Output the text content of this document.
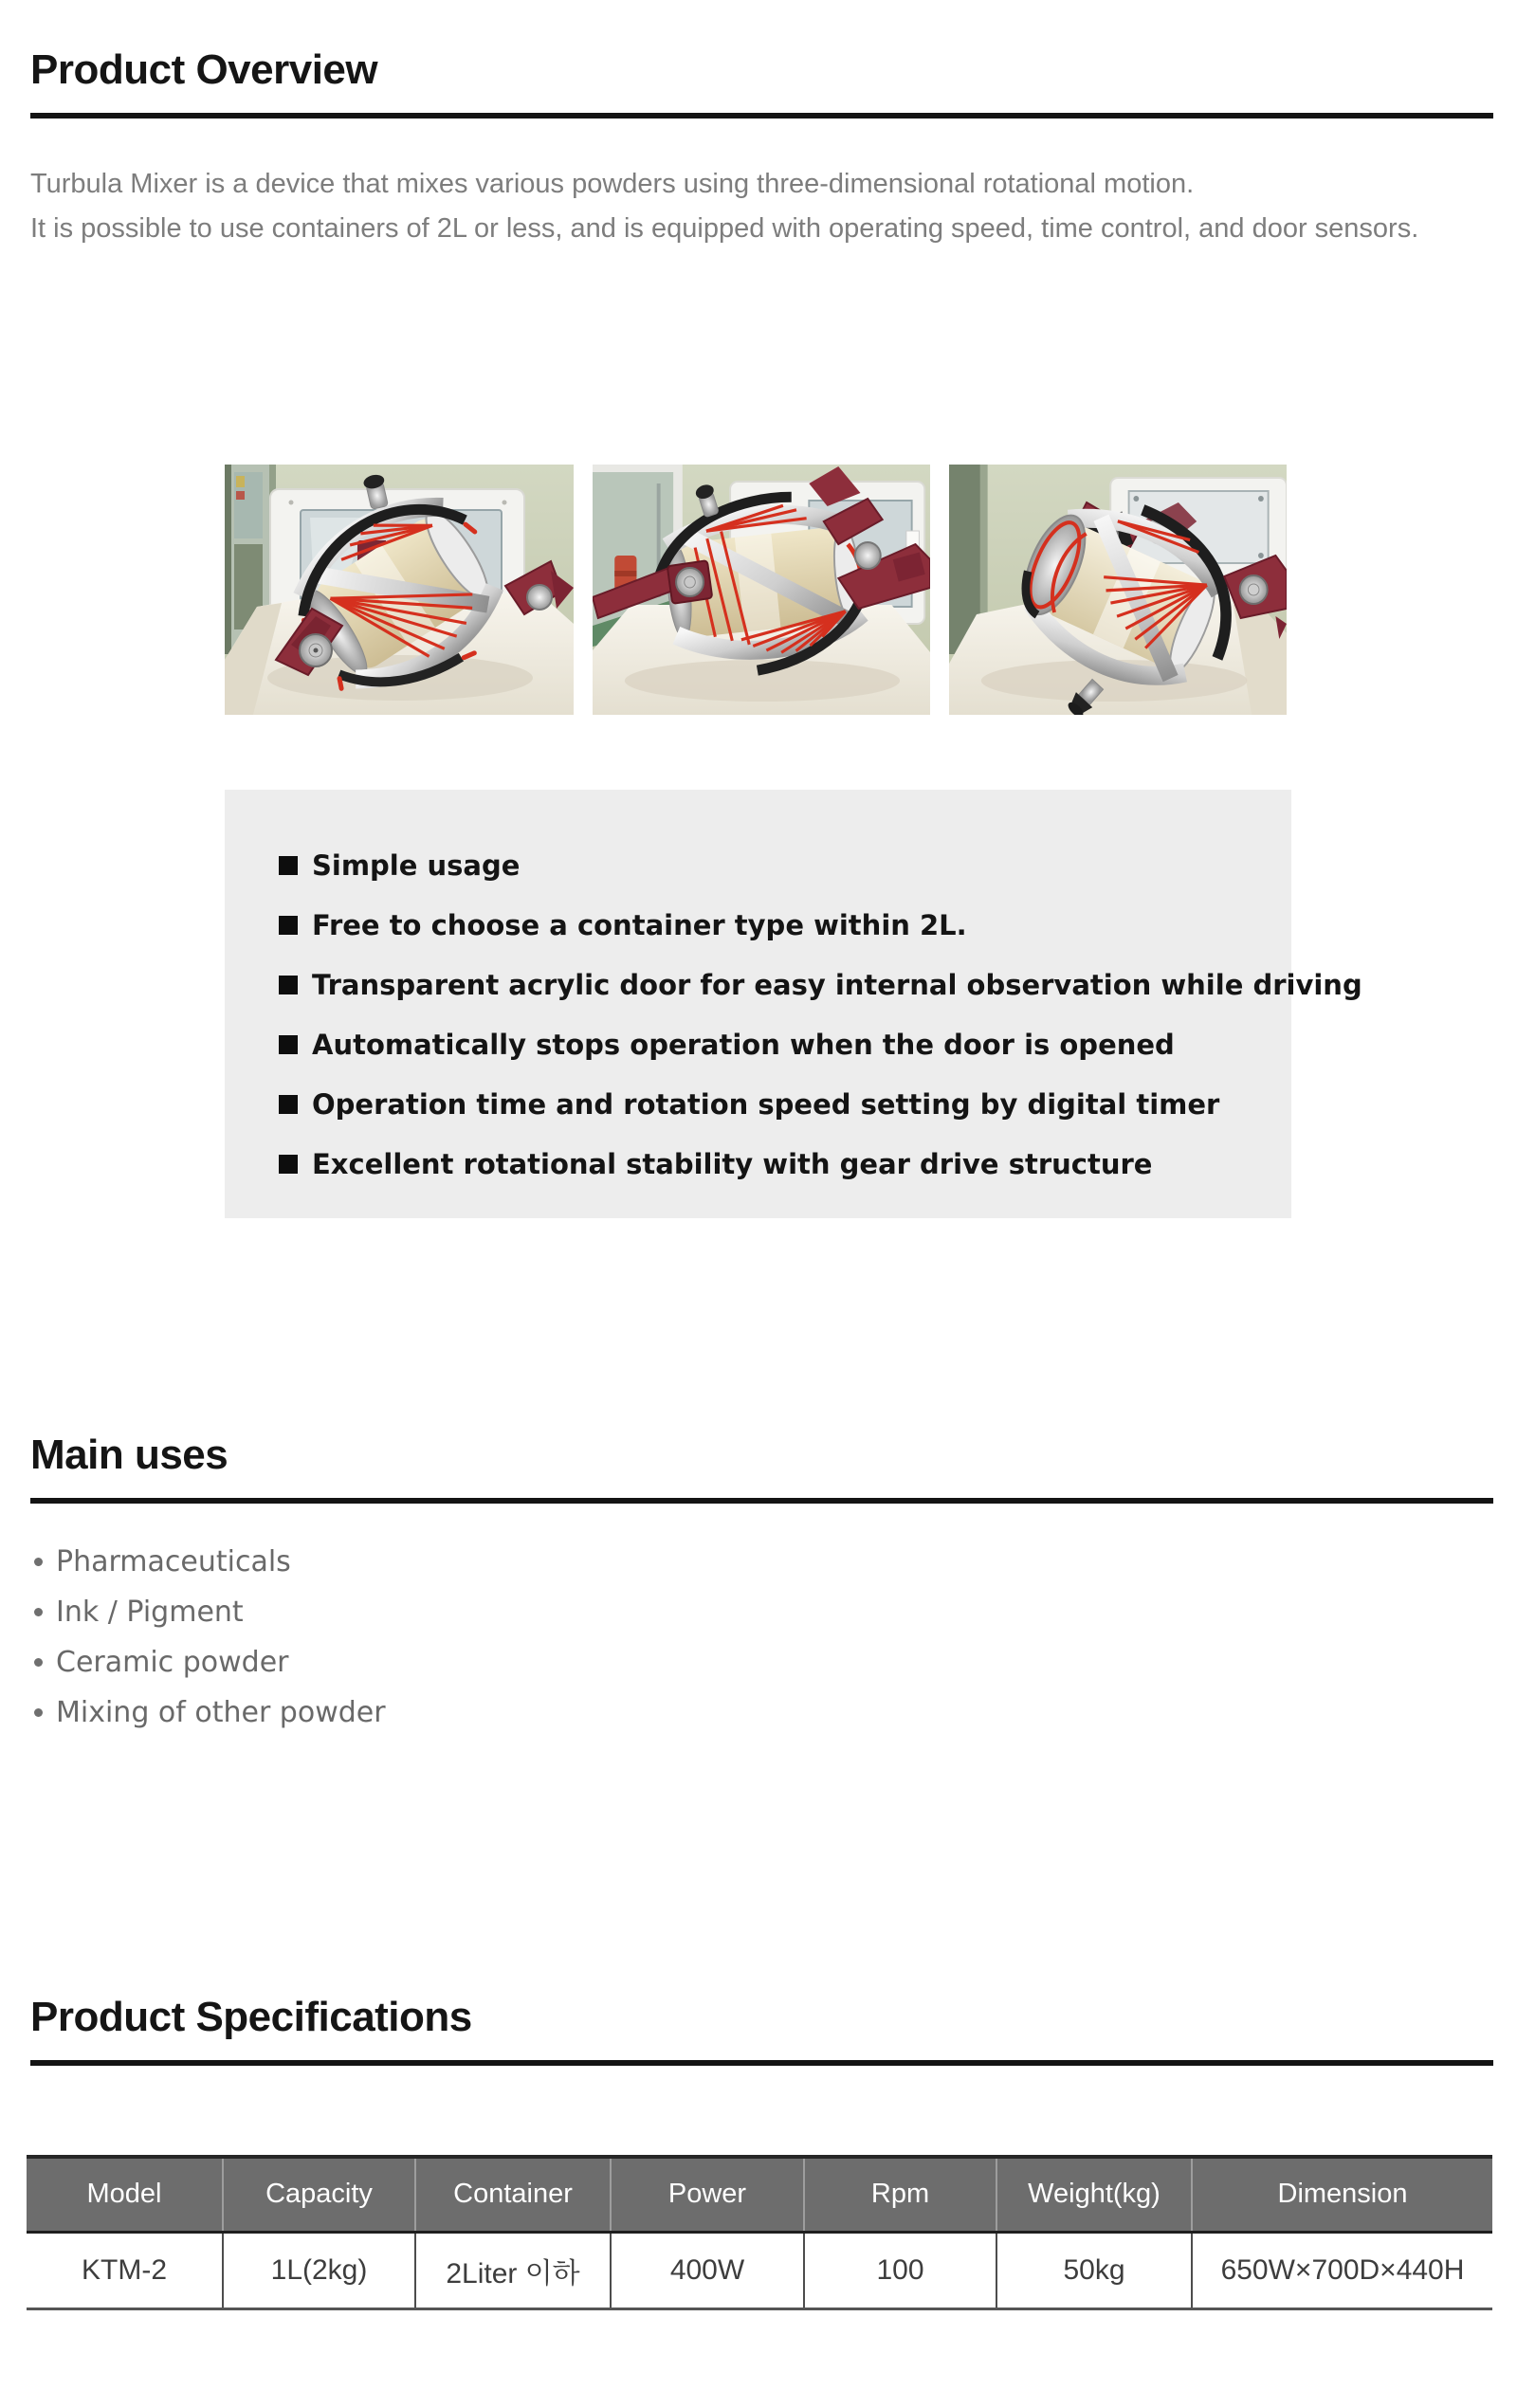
Product Overview
Turbula Mixer is a device that mixes various powders using three-dimensional rotational motion.
It is possible to use containers of 2L or less, and is equipped with operating speed, time control, and door sensors.
Simple usage
Free to choose a container type within 2L.
Transparent acrylic door for easy internal observation while driving
Automatically stops operation when the door is opened
Operation time and rotation speed setting by digital timer
Excellent rotational stability with gear drive structure
Main uses
Pharmaceuticals
Ink / Pigment
Ceramic powder
Mixing of other powder
Product Specifications
Model	Capacity	Container	Power	Rpm	Weight(kg)	Dimension
KTM-2	1L(2kg)	2Liter 이하	400W	100	50kg	650W×700D×440H
